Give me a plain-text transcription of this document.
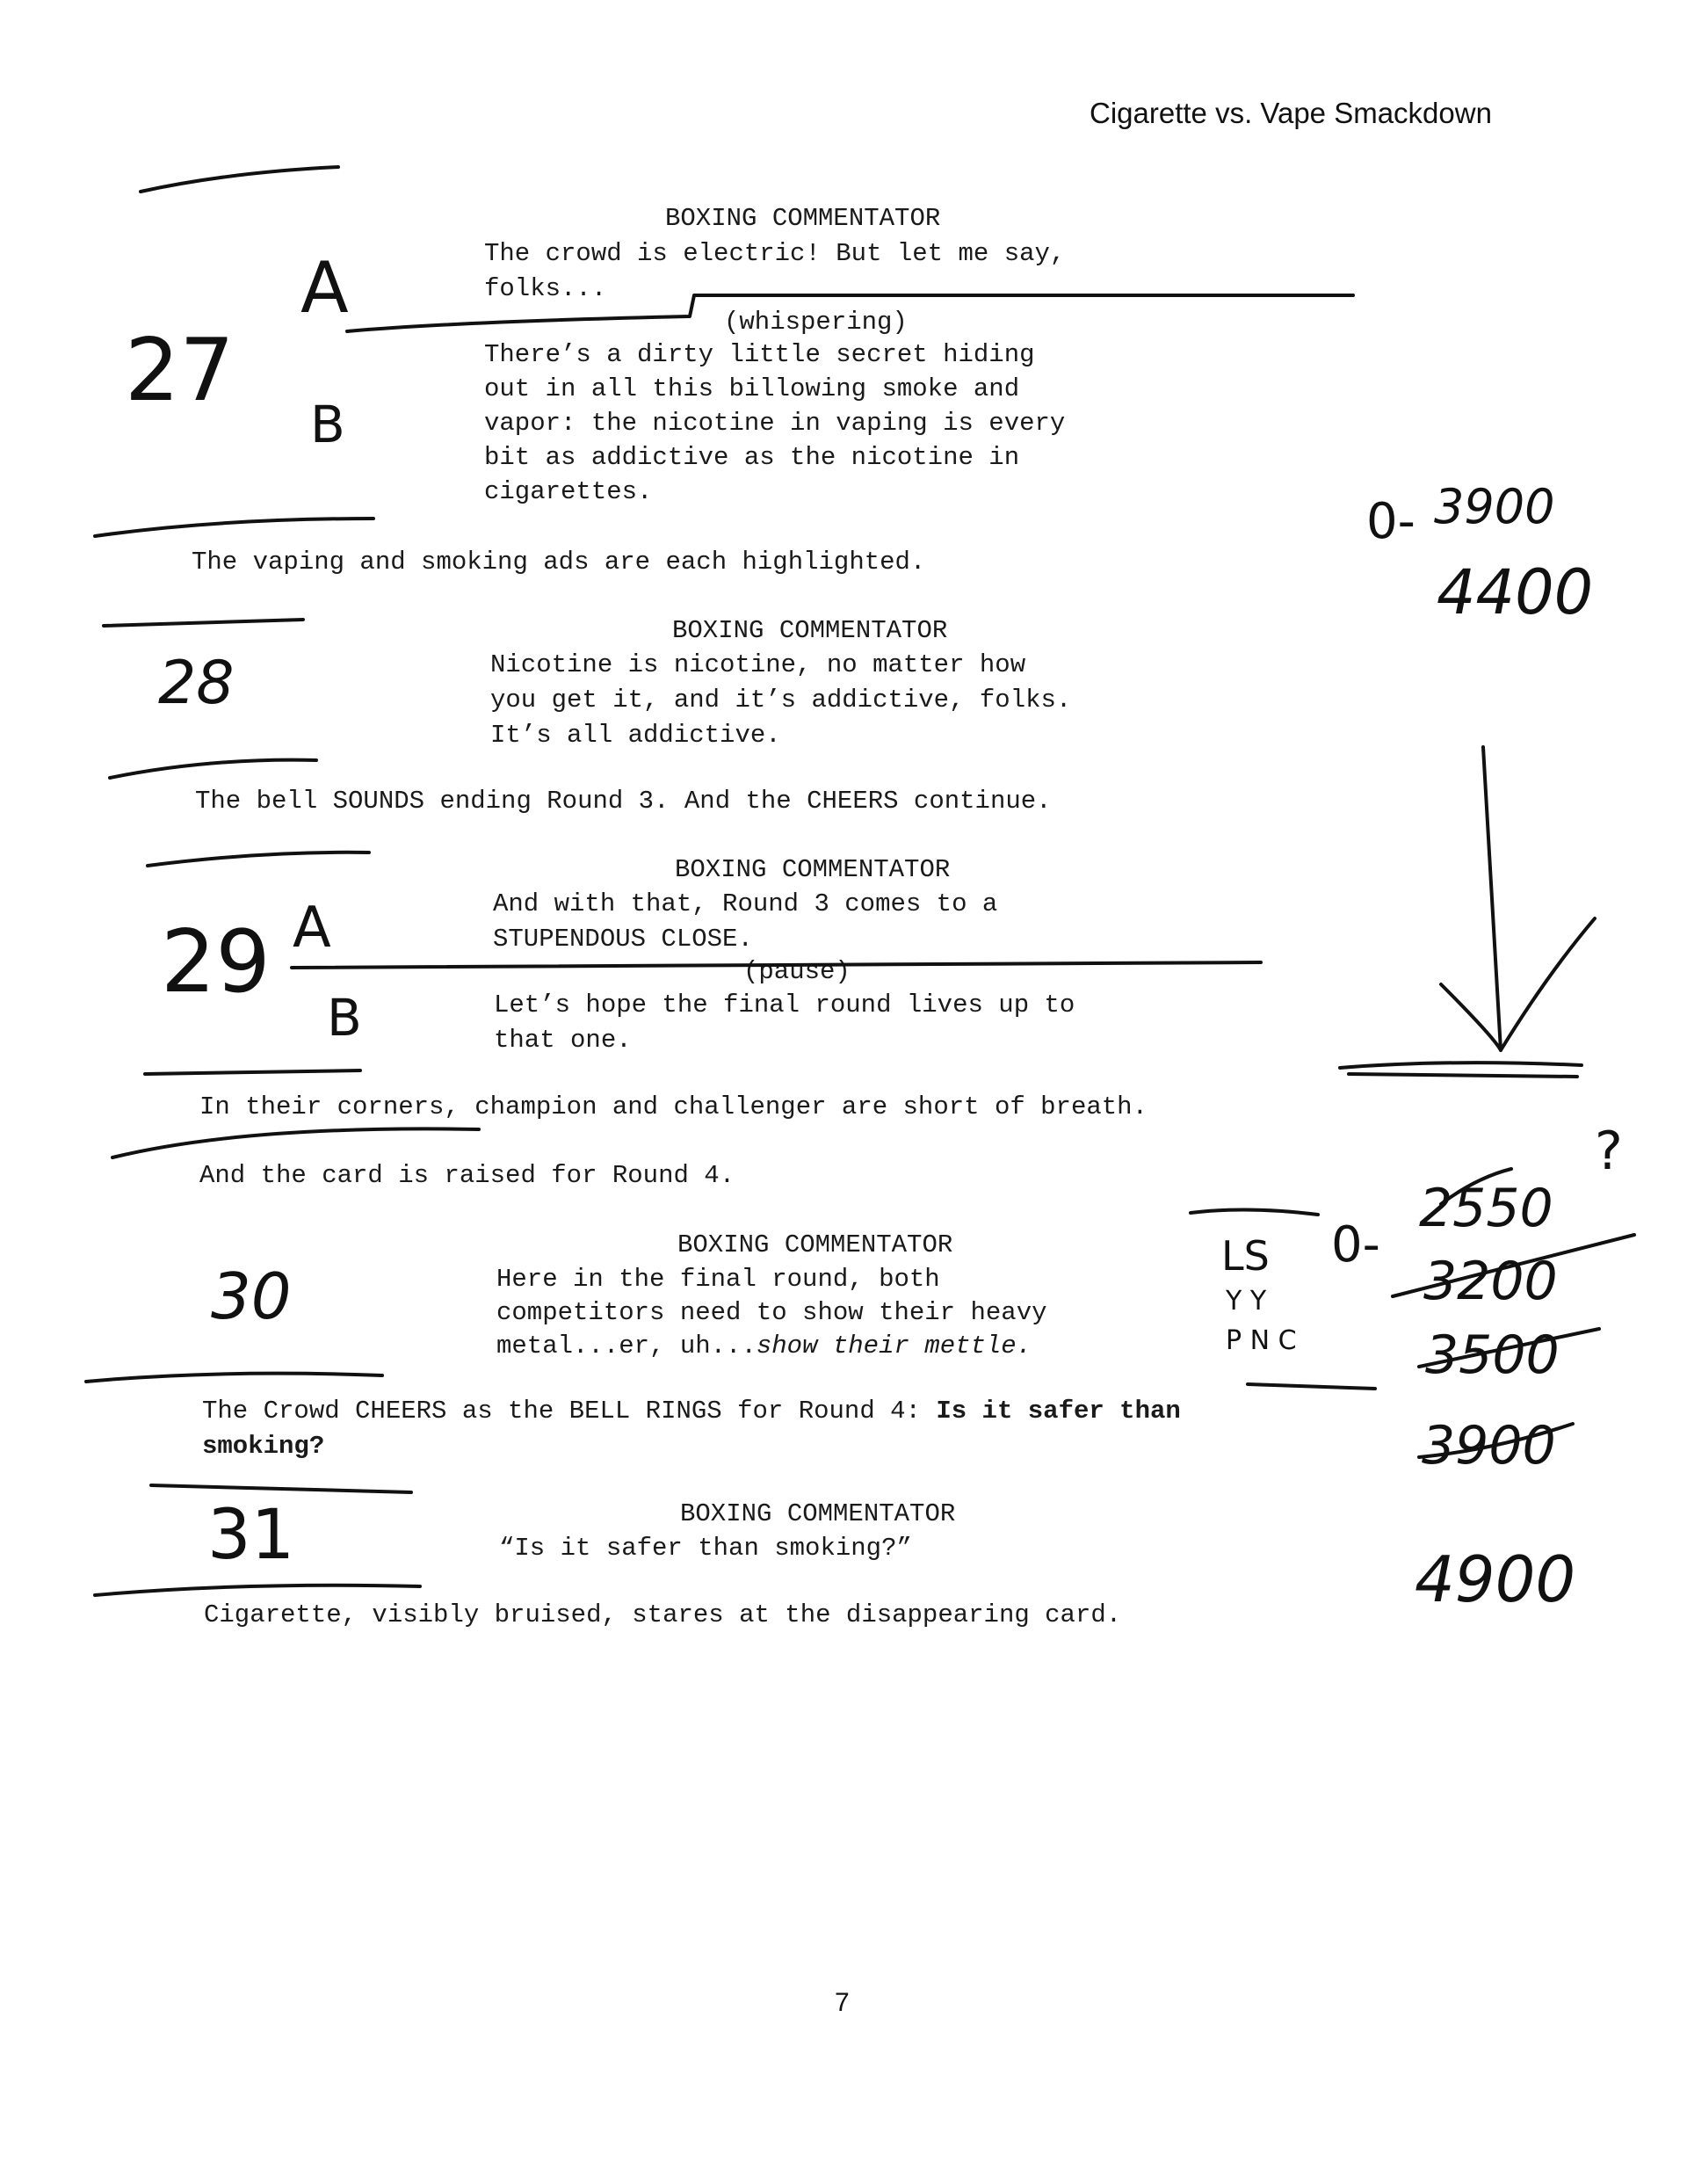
Cigarette vs. Vape Smackdown
BOXING COMMENTATOR
The crowd is electric! But let me say,
folks...
(whispering)
There’s a dirty little secret hiding
out in all this billowing smoke and
vapor: the nicotine in vaping is every
bit as addictive as the nicotine in
cigarettes.
The vaping and smoking ads are each highlighted.
BOXING COMMENTATOR
Nicotine is nicotine, no matter how
you get it, and it’s addictive, folks.
It’s all addictive.
The bell SOUNDS ending Round 3. And the CHEERS continue.
BOXING COMMENTATOR
And with that, Round 3 comes to a
STUPENDOUS CLOSE.
(pause)
Let’s hope the final round lives up to
that one.
In their corners, champion and challenger are short of breath.
And the card is raised for Round 4.
BOXING COMMENTATOR
Here in the final round, both
competitors need to show their heavy
metal...er, uh...show their mettle.
The Crowd CHEERS as the BELL RINGS for Round 4: Is it safer than
smoking?
BOXING COMMENTATOR
“Is it safer than smoking?”
Cigarette, visibly bruised, stares at the disappearing card.
7
27
A
B
28
29 A
B
30
31
0- 3900
4400
0-
2550
?
3200
3500
3900
4900
LS
Y Y
P N C
